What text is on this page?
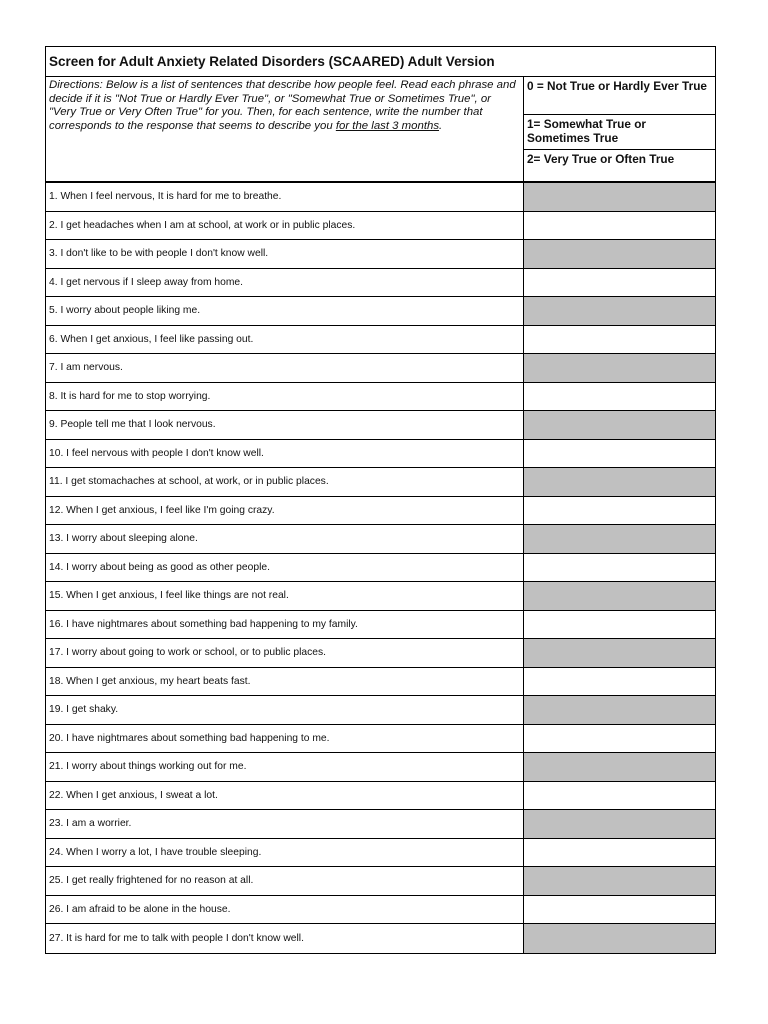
Screen for Adult Anxiety Related Disorders (SCAARED) Adult Version
Directions: Below is a list of sentences that describe how people feel. Read each phrase and decide if it is "Not True or Hardly Ever True", or "Somewhat True or Sometimes True", or "Very True or Very Often True" for you. Then, for each sentence, write the number that corresponds to the response that seems to describe you for the last 3 months.
0 = Not True or Hardly Ever True
1= Somewhat True or Sometimes True
2= Very True or Often True
1. When I feel nervous, It is hard for me to breathe.
2. I get headaches when I am at school, at work or in public places.
3. I don't like to be with people I don't know well.
4. I get nervous if I sleep away from home.
5. I worry about people liking me.
6. When I get anxious, I feel like passing out.
7. I am nervous.
8. It is hard for me to stop worrying.
9. People tell me that I look nervous.
10. I feel nervous with people I don't know well.
11. I get stomachaches at school, at work, or in public places.
12. When I get anxious, I feel like I'm going crazy.
13. I worry about sleeping alone.
14. I worry about being as good as other people.
15. When I get anxious, I feel like things are not real.
16. I have nightmares about something bad happening to my family.
17. I worry about going to work or school, or to public places.
18. When I get anxious, my heart beats fast.
19. I get shaky.
20. I have nightmares about something bad happening to me.
21. I worry about things working out for me.
22. When I get anxious, I sweat a lot.
23. I am a worrier.
24. When I worry a lot, I have trouble sleeping.
25. I get really frightened for no reason at all.
26. I am afraid to be alone in the house.
27. It is hard for me to talk with people I don't know well.
